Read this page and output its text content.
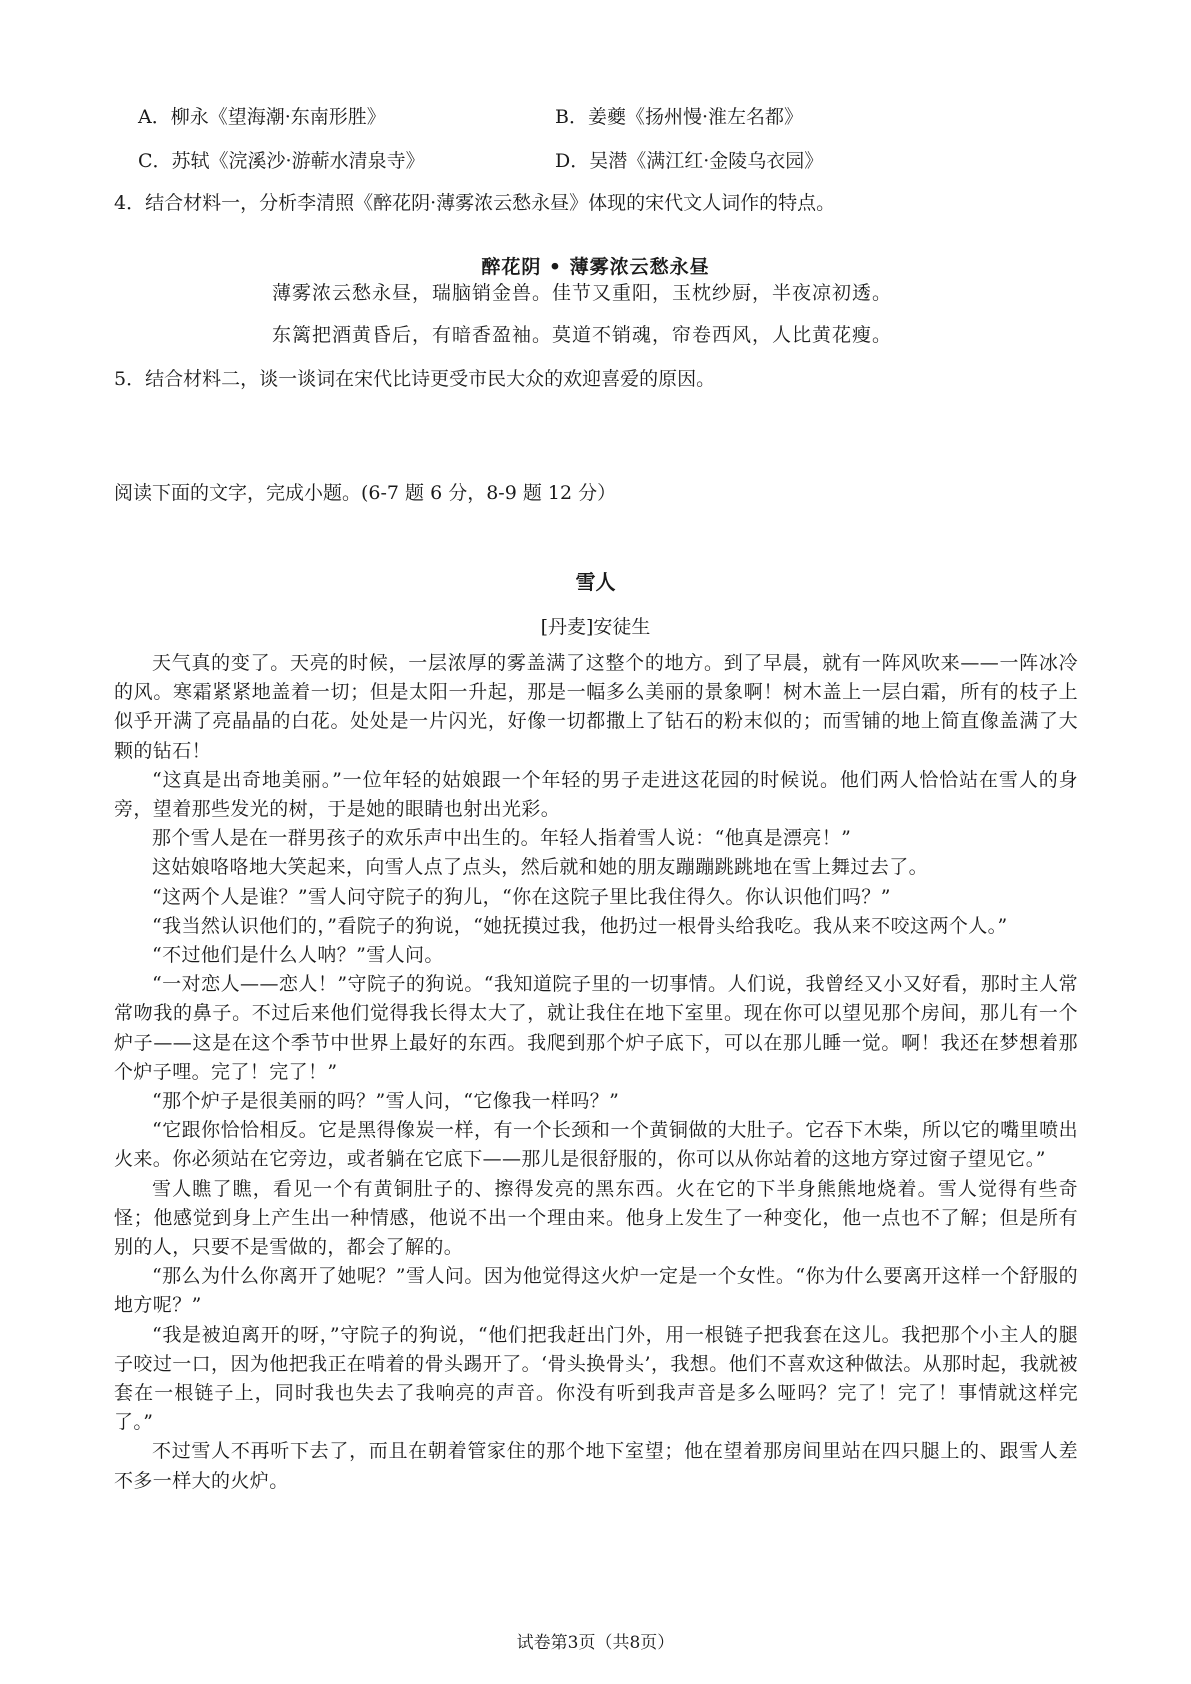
A．柳永《望海潮·东南形胜》	B．姜夔《扬州慢·淮左名都》
C．苏轼《浣溪沙·游蕲水清泉寺》	D．吴潜《满江红·金陵乌衣园》
4．结合材料一，分析李清照《醉花阴·薄雾浓云愁永昼》体现的宋代文人词作的特点。
醉花阴 • 薄雾浓云愁永昼
薄雾浓云愁永昼，瑞脑销金兽。佳节又重阳，玉枕纱厨，半夜凉初透。
东篱把酒黄昏后，有暗香盈袖。莫道不销魂，帘卷西风，人比黄花瘦。
5．结合材料二，谈一谈词在宋代比诗更受市民大众的欢迎喜爱的原因。
阅读下面的文字，完成小题。(6-7 题 6 分，8-9 题 12 分）
雪人
[丹麦]安徒生

天气真的变了。天亮的时候，一层浓厚的雾盖满了这整个的地方。到了早晨，就有一阵风吹来——一阵冰冷的风。寒霜紧紧地盖着一切；但是太阳一升起，那是一幅多么美丽的景象啊！树木盖上一层白霜，所有的枝子上似乎开满了亮晶晶的白花。处处是一片闪光，好像一切都撒上了钻石的粉末似的；而雪铺的地上简直像盖满了大颗的钻石！

“这真是出奇地美丽。”一位年轻的姑娘跟一个年轻的男子走进这花园的时候说。他们两人恰恰站在雪人的身旁，望着那些发光的树，于是她的眼睛也射出光彩。

那个雪人是在一群男孩子的欢乐声中出生的。年轻人指着雪人说：“他真是漂亮！”

这姑娘咯咯地大笑起来，向雪人点了点头，然后就和她的朋友蹦蹦跳跳地在雪上舞过去了。

“这两个人是谁？”雪人问守院子的狗儿，“你在这院子里比我住得久。你认识他们吗？”

“我当然认识他们的，”看院子的狗说，“她抚摸过我，他扔过一根骨头给我吃。我从来不咬这两个人。”

“不过他们是什么人呐？”雪人问。

“一对恋人——恋人！”守院子的狗说。“我知道院子里的一切事情。人们说，我曾经又小又好看，那时主人常常吻我的鼻子。不过后来他们觉得我长得太大了，就让我住在地下室里。现在你可以望见那个房间，那儿有一个炉子——这是在这个季节中世界上最好的东西。我爬到那个炉子底下，可以在那儿睡一觉。啊！我还在梦想着那个炉子哩。完了！完了！”

“那个炉子是很美丽的吗？”雪人问，“它像我一样吗？”

“它跟你恰恰相反。它是黑得像炭一样，有一个长颈和一个黄铜做的大肚子。它吞下木柴，所以它的嘴里喷出火来。你必须站在它旁边，或者躺在它底下——那儿是很舒服的，你可以从你站着的这地方穿过窗子望见它。”

雪人瞧了瞧，看见一个有黄铜肚子的、擦得发亮的黑东西。火在它的下半身熊熊地烧着。雪人觉得有些奇怪；他感觉到身上产生出一种情感，他说不出一个理由来。他身上发生了一种变化，他一点也不了解；但是所有别的人，只要不是雪做的，都会了解的。

“那么为什么你离开了她呢？”雪人问。因为他觉得这火炉一定是一个女性。“你为什么要离开这样一个舒服的地方呢？”

“我是被迫离开的呀，”守院子的狗说，“他们把我赶出门外，用一根链子把我套在这儿。我把那个小主人的腿子咬过一口，因为他把我正在啃着的骨头踢开了。‘骨头换骨头’，我想。他们不喜欢这种做法。从那时起，我就被套在一根链子上，同时我也失去了我响亮的声音。你没有听到我声音是多么哑吗？完了！完了！事情就这样完了。”

不过雪人不再听下去了，而且在朝着管家住的那个地下室望；他在望着那房间里站在四只腿上的、跟雪人差不多一样大的火炉。

试卷第3页（共8页）
